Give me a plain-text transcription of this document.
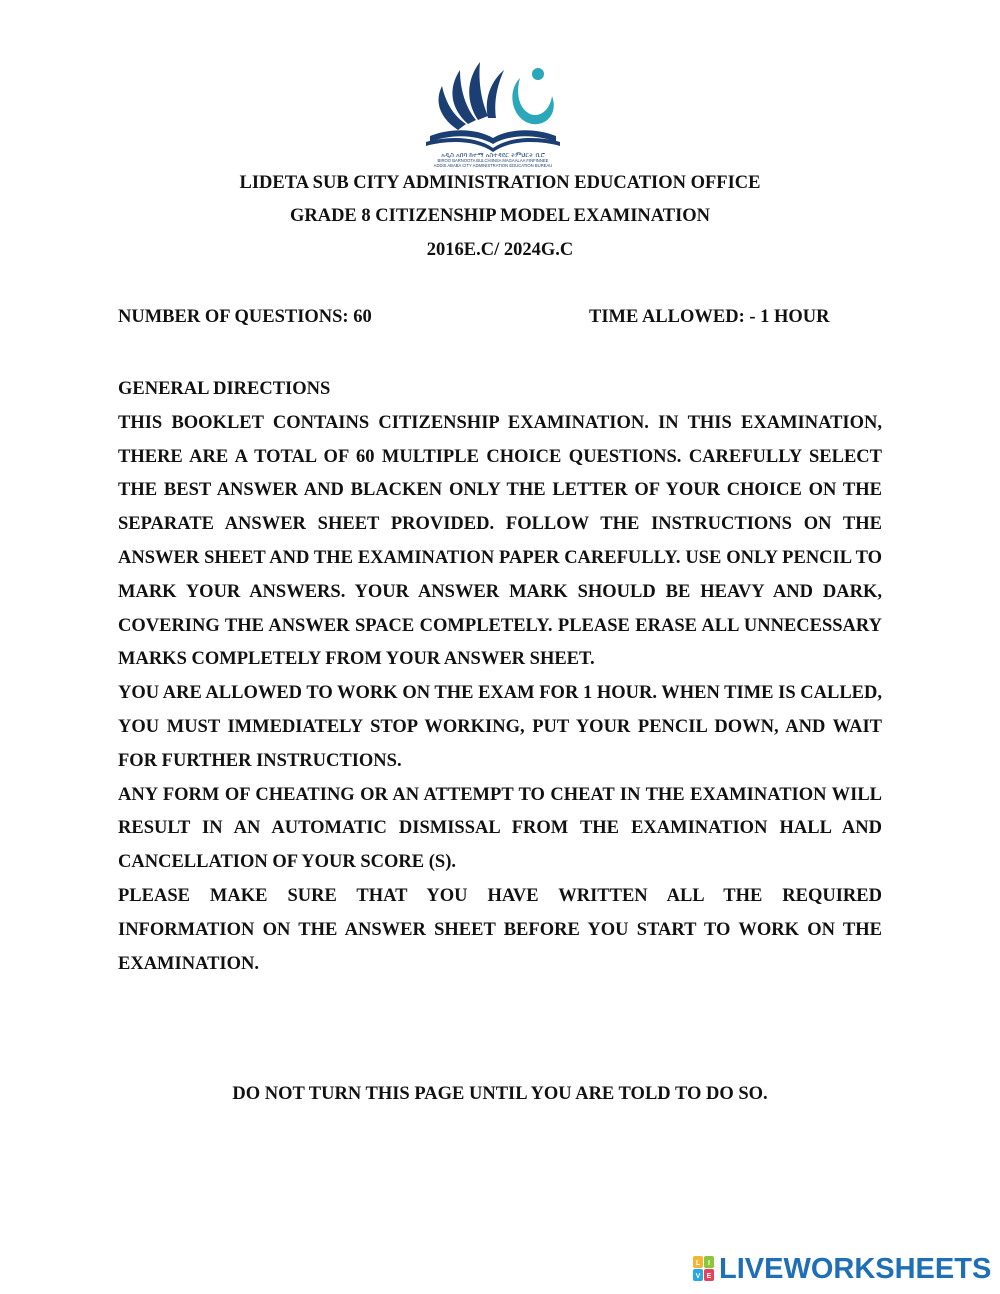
አዲስ አበባ ከተማ አስተዳደር ትምህርት ቢሮ
BIROO BARNOOTA BULCHIINSA MAGAALAA FINFINNEE
ADDIS ABABA CITY ADMINISTRATION EDUCATION BUREAU
LIDETA SUB CITY ADMINISTRATION EDUCATION OFFICE
GRADE 8 CITIZENSHIP MODEL EXAMINATION
2016E.C/ 2024G.C
NUMBER OF QUESTIONS: 60	TIME ALLOWED: - 1 HOUR
GENERAL DIRECTIONS
THIS BOOKLET CONTAINS CITIZENSHIP EXAMINATION. IN THIS EXAMINATION, THERE ARE A TOTAL OF 60 MULTIPLE CHOICE QUESTIONS. CAREFULLY SELECT THE BEST ANSWER AND BLACKEN ONLY THE LETTER OF YOUR CHOICE ON THE SEPARATE ANSWER SHEET PROVIDED. FOLLOW THE INSTRUCTIONS ON THE ANSWER SHEET AND THE EXAMINATION PAPER CAREFULLY. USE ONLY PENCIL TO MARK YOUR ANSWERS. YOUR ANSWER MARK SHOULD BE HEAVY AND DARK, COVERING THE ANSWER SPACE COMPLETELY. PLEASE ERASE ALL UNNECESSARY MARKS COMPLETELY FROM YOUR ANSWER SHEET.
YOU ARE ALLOWED TO WORK ON THE EXAM FOR 1 HOUR. WHEN TIME IS CALLED, YOU MUST IMMEDIATELY STOP WORKING, PUT YOUR PENCIL DOWN, AND WAIT FOR FURTHER INSTRUCTIONS.
ANY FORM OF CHEATING OR AN ATTEMPT TO CHEAT IN THE EXAMINATION WILL RESULT IN AN AUTOMATIC DISMISSAL FROM THE EXAMINATION HALL AND CANCELLATION OF YOUR SCORE (S).
PLEASE MAKE SURE THAT YOU HAVE WRITTEN ALL THE REQUIRED INFORMATION ON THE ANSWER SHEET BEFORE YOU START TO WORK ON THE EXAMINATION.
DO NOT TURN THIS PAGE UNTIL YOU ARE TOLD TO DO SO.
L I
V E LIVEWORKSHEETS
